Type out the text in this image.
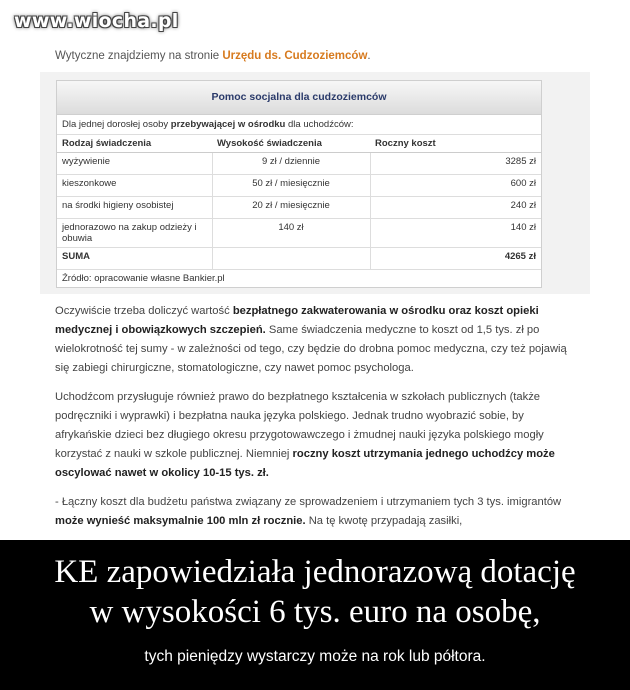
www.wiocha.pl
Wytyczne znajdziemy na stronie Urzędu ds. Cudzoziemców.
Pomoc socjalna dla cudzoziemców
Dla jednej dorosłej osoby przebywającej w ośrodku dla uchodźców:
Rodzaj świadczenia	Wysokość świadczenia	Roczny koszt
wyżywienie	9 zł / dziennie	3285 zł
kieszonkowe	50 zł / miesięcznie	600 zł
na środki higieny osobistej	20 zł / miesięcznie	240 zł
jednorazowo na zakup odzieży i obuwia	140 zł	140 zł
SUMA		4265 zł
Źródło: opracowanie własne Bankier.pl

Oczywiście trzeba doliczyć wartość bezpłatnego zakwaterowania w ośrodku oraz koszt opieki medycznej i obowiązkowych szczepień. Same świadczenia medyczne to koszt od 1,5 tys. zł po wielokrotność tej sumy - w zależności od tego, czy będzie do drobna pomoc medyczna, czy też pojawią się zabiegi chirurgiczne, stomatologiczne, czy nawet pomoc psychologa.

Uchodźcom przysługuje również prawo do bezpłatnego kształcenia w szkołach publicznych (także podręczniki i wyprawki) i bezpłatna nauka języka polskiego. Jednak trudno wyobrazić sobie, by afrykańskie dzieci bez długiego okresu przygotowawczego i żmudnej nauki języka polskiego mogły korzystać z nauki w szkole publicznej. Niemniej roczny koszt utrzymania jednego uchodźcy może oscylować nawet w okolicy 10-15 tys. zł.

- Łączny koszt dla budżetu państwa związany ze sprowadzeniem i utrzymaniem tych 3 tys. imigrantów może wynieść maksymalnie 100 mln zł rocznie. Na tę kwotę przypadają zasiłki,

KE zapowiedziała jednorazową dotację
w wysokości 6 tys. euro na osobę,
tych pieniędzy wystarczy może na rok lub półtora.
